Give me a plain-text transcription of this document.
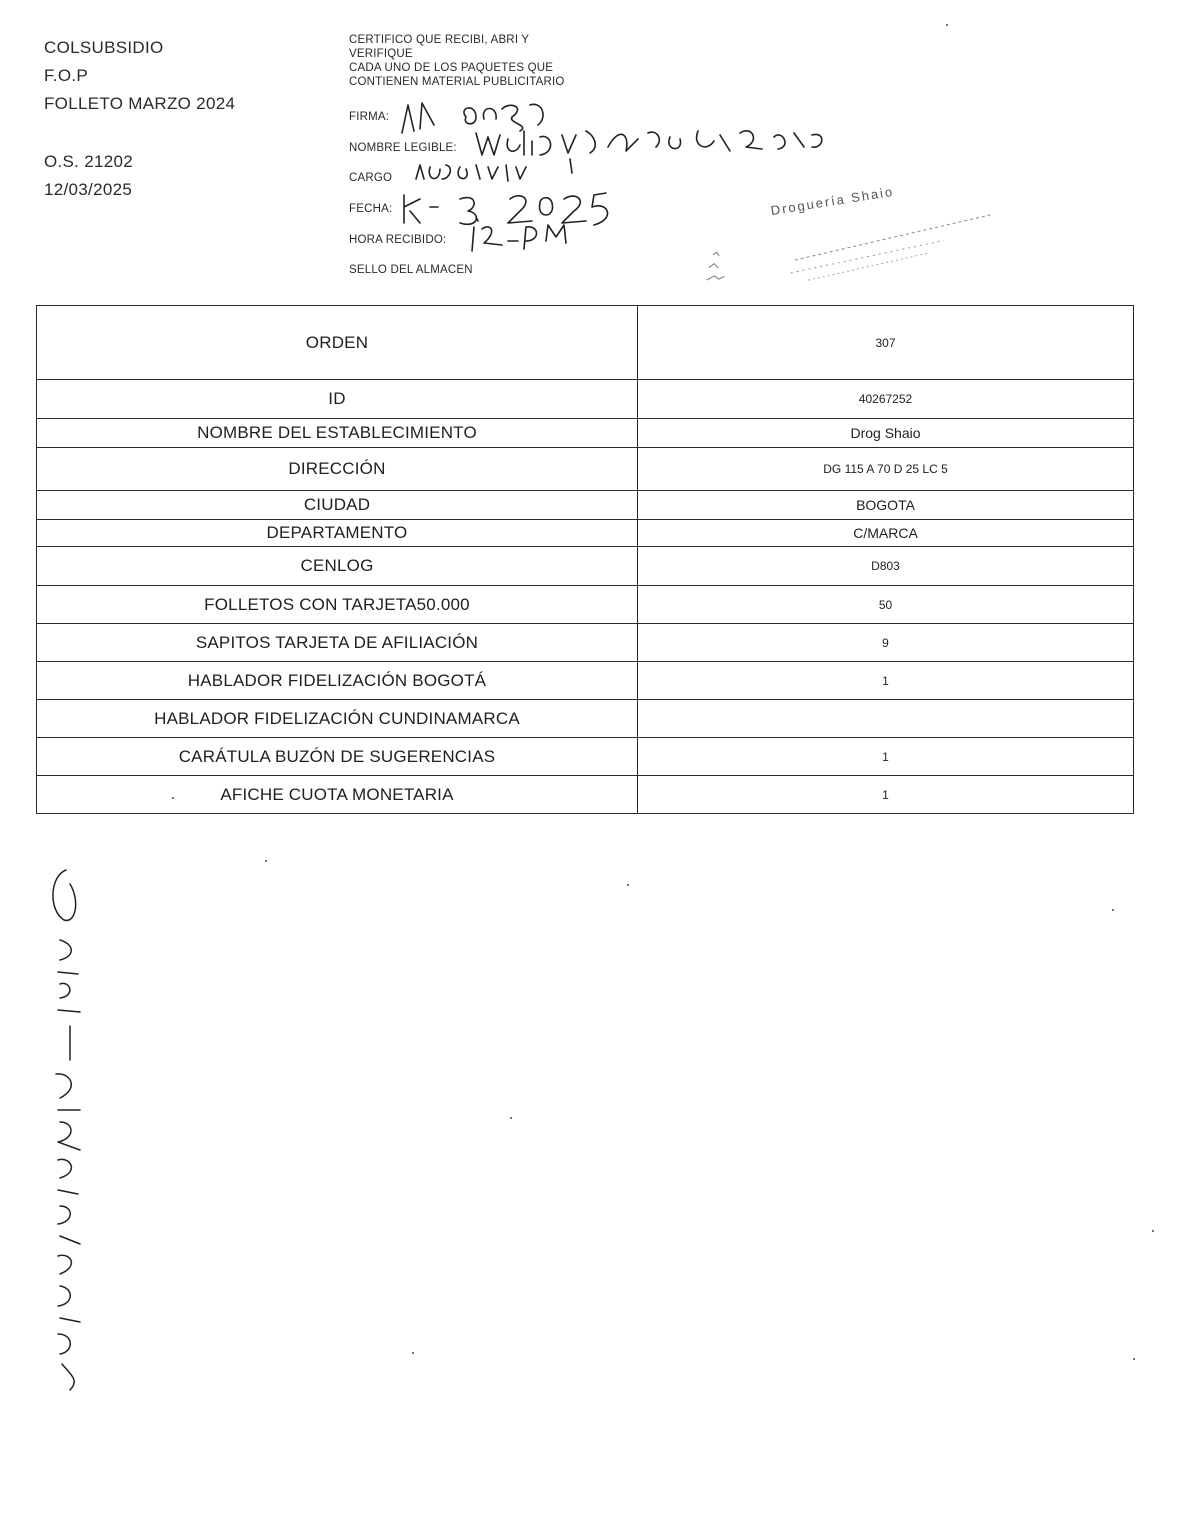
COLSUBSIDIO
F.O.P
FOLLETO MARZO 2024
O.S. 21202
12/03/2025
CERTIFICO QUE RECIBI, ABRI Y
VERIFIQUE
CADA UNO DE LOS PAQUETES QUE
CONTIENEN MATERIAL PUBLICITARIO
FIRMA:
NOMBRE LEGIBLE:
CARGO
FECHA:
HORA RECIBIDO:
SELLO DEL ALMACEN
Droguería Shaio
ORDEN	307
ID	40267252
NOMBRE DEL ESTABLECIMIENTO	Drog Shaio
DIRECCIÓN	DG 115 A 70 D 25 LC 5
CIUDAD	BOGOTA
DEPARTAMENTO	C/MARCA
CENLOG	D803
FOLLETOS CON TARJETA50.000	50
SAPITOS TARJETA DE AFILIACIÓN	9
HABLADOR FIDELIZACIÓN BOGOTÁ	1
HABLADOR FIDELIZACIÓN CUNDINAMARCA	
CARÁTULA BUZÓN DE SUGERENCIAS	1
AFICHE CUOTA MONETARIA	1
